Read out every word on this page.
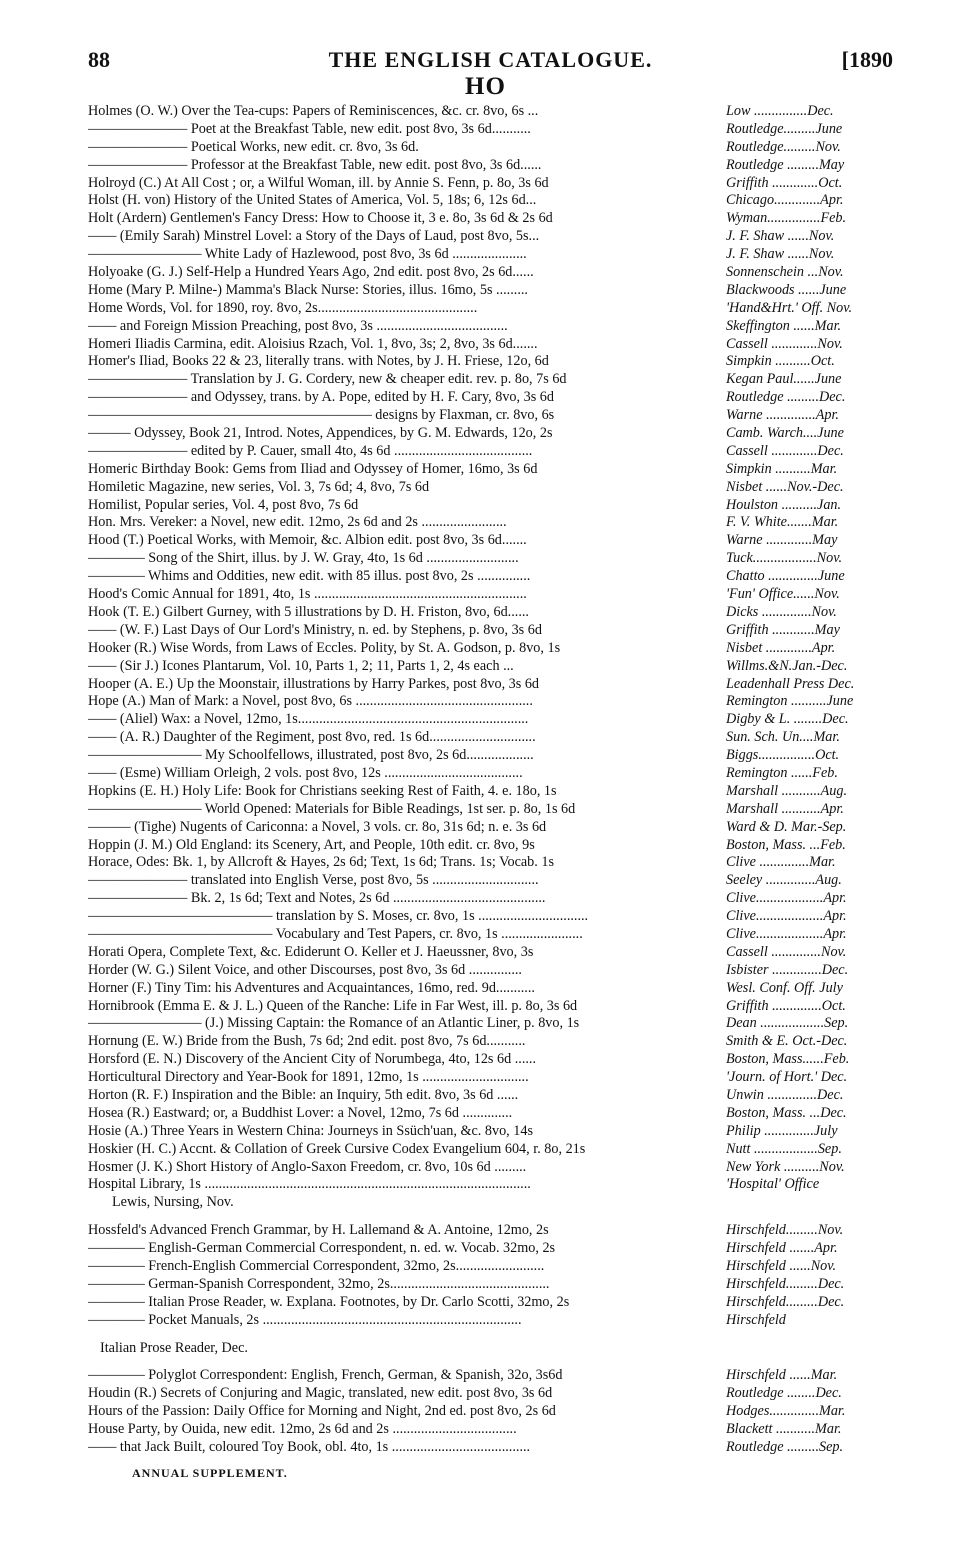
THE ENGLISH CATALOGUE.
88	[1890
HO
Holmes (O. W.) Over the Tea-cups: Papers of Reminiscences, &c. cr. 8vo, 6s ...	Low ...............Dec.
——————— Poet at the Breakfast Table, new edit. post 8vo, 3s 6d...........	Routledge.........June
——————— Poetical Works, new edit. cr. 8vo, 3s 6d.	Routledge.........Nov.
——————— Professor at the Breakfast Table, new edit. post 8vo, 3s 6d......	Routledge .........May
Holroyd (C.) At All Cost ; or, a Wilful Woman, ill. by Annie S. Fenn, p. 8o, 3s 6d	Griffith .............Oct.
Holst (H. von) History of the United States of America, Vol. 5, 18s; 6, 12s 6d...	Chicago.............Apr.
Holt (Ardern) Gentlemen's Fancy Dress: How to Choose it, 3 e. 8o, 3s 6d & 2s 6d	Wyman...............Feb.
—— (Emily Sarah) Minstrel Lovel: a Story of the Days of Laud, post 8vo, 5s...	J. F. Shaw ......Nov.
———————— White Lady of Hazlewood, post 8vo, 3s 6d .....................	J. F. Shaw ......Nov.
Holyoake (G. J.) Self-Help a Hundred Years Ago, 2nd edit. post 8vo, 2s 6d......	Sonnenschein ...Nov.
Home (Mary P. Milne-) Mamma's Black Nurse: Stories, illus. 16mo, 5s .........	Blackwoods ......June
Home Words, Vol. for 1890, roy. 8vo, 2s.............................................	'Hand&Hrt.' Off. Nov.
—— and Foreign Mission Preaching, post 8vo, 3s .....................................	Skeffington ......Mar.
Homeri Iliadis Carmina, edit. Aloisius Rzach, Vol. 1, 8vo, 3s; 2, 8vo, 3s 6d.......	Cassell .............Nov.
Homer's Iliad, Books 22 & 23, literally trans. with Notes, by J. H. Friese, 12o, 6d	Simpkin ..........Oct.
——————— Translation by J. G. Cordery, new & cheaper edit. rev. p. 8o, 7s 6d	Kegan Paul......June
——————— and Odyssey, trans. by A. Pope, edited by H. F. Cary, 8vo, 3s 6d	Routledge .........Dec.
———————————————————— designs by Flaxman, cr. 8vo, 6s	Warne ..............Apr.
——— Odyssey, Book 21, Introd. Notes, Appendices, by G. M. Edwards, 12o, 2s	Camb. Warch....June
——————— edited by P. Cauer, small 4to, 4s 6d .......................................	Cassell .............Dec.
Homeric Birthday Book: Gems from Iliad and Odyssey of Homer, 16mo, 3s 6d	Simpkin ..........Mar.
Homiletic Magazine, new series, Vol. 3, 7s 6d; 4, 8vo, 7s 6d	Nisbet ......Nov.-Dec.
Homilist, Popular series, Vol. 4, post 8vo, 7s 6d	Houlston ..........Jan.
Hon. Mrs. Vereker: a Novel, new edit. 12mo, 2s 6d and 2s ........................	F. V. White.......Mar.
Hood (T.) Poetical Works, with Memoir, &c. Albion edit. post 8vo, 3s 6d.......	Warne .............May
———— Song of the Shirt, illus. by J. W. Gray, 4to, 1s 6d ..........................	Tuck..................Nov.
———— Whims and Oddities, new edit. with 85 illus. post 8vo, 2s ...............	Chatto ..............June
Hood's Comic Annual for 1891, 4to, 1s ............................................................	'Fun' Office......Nov.
Hook (T. E.) Gilbert Gurney, with 5 illustrations by D. H. Friston, 8vo, 6d......	Dicks ..............Nov.
—— (W. F.) Last Days of Our Lord's Ministry, n. ed. by Stephens, p. 8vo, 3s 6d	Griffith ............May
Hooker (R.) Wise Words, from Laws of Eccles. Polity, by St. A. Godson, p. 8vo, 1s	Nisbet .............Apr.
—— (Sir J.) Icones Plantarum, Vol. 10, Parts 1, 2; 11, Parts 1, 2, 4s each ...	Willms.&N.Jan.-Dec.
Hooper (A. E.) Up the Moonstair, illustrations by Harry Parkes, post 8vo, 3s 6d	Leadenhall Press Dec.
Hope (A.) Man of Mark: a Novel, post 8vo, 6s ..................................................	Remington ..........June
—— (Aliel) Wax: a Novel, 12mo, 1s.................................................................	Digby & L. ........Dec.
—— (A. R.) Daughter of the Regiment, post 8vo, red. 1s 6d..............................	Sun. Sch. Un....Mar.
———————— My Schoolfellows, illustrated, post 8vo, 2s 6d...................	Biggs................Oct.
—— (Esme) William Orleigh, 2 vols. post 8vo, 12s .......................................	Remington ......Feb.
Hopkins (E. H.) Holy Life: Book for Christians seeking Rest of Faith, 4. e. 18o, 1s	Marshall ...........Aug.
———————— World Opened: Materials for Bible Readings, 1st ser. p. 8o, 1s 6d	Marshall ...........Apr.
——— (Tighe) Nugents of Cariconna: a Novel, 3 vols. cr. 8o, 31s 6d; n. e. 3s 6d	Ward & D. Mar.-Sep.
Hoppin (J. M.) Old England: its Scenery, Art, and People, 10th edit. cr. 8vo, 9s	Boston, Mass. ...Feb.
Horace, Odes: Bk. 1, by Allcroft & Hayes, 2s 6d; Text, 1s 6d; Trans. 1s; Vocab. 1s	Clive ..............Mar.
——————— translated into English Verse, post 8vo, 5s ..............................	Seeley ..............Aug.
——————— Bk. 2, 1s 6d; Text and Notes, 2s 6d ...........................................	Clive...................Apr.
————————————— translation by S. Moses, cr. 8vo, 1s ...............................	Clive...................Apr.
————————————— Vocabulary and Test Papers, cr. 8vo, 1s .......................	Clive...................Apr.
Horati Opera, Complete Text, &c. Ediderunt O. Keller et J. Haeussner, 8vo, 3s	Cassell ..............Nov.
Horder (W. G.) Silent Voice, and other Discourses, post 8vo, 3s 6d ...............	Isbister ..............Dec.
Horner (F.) Tiny Tim: his Adventures and Acquaintances, 16mo, red. 9d...........	Wesl. Conf. Off. July
Hornibrook (Emma E. & J. L.) Queen of the Ranche: Life in Far West, ill. p. 8o, 3s 6d	Griffith ..............Oct.
———————— (J.) Missing Captain: the Romance of an Atlantic Liner, p. 8vo, 1s	Dean ..................Sep.
Hornung (E. W.) Bride from the Bush, 7s 6d; 2nd edit. post 8vo, 7s 6d...........	Smith & E. Oct.-Dec.
Horsford (E. N.) Discovery of the Ancient City of Norumbega, 4to, 12s 6d ......	Boston, Mass......Feb.
Horticultural Directory and Year-Book for 1891, 12mo, 1s ..............................	'Journ. of Hort.' Dec.
Horton (R. F.) Inspiration and the Bible: an Inquiry, 5th edit. 8vo, 3s 6d ......	Unwin ..............Dec.
Hosea (R.) Eastward; or, a Buddhist Lover: a Novel, 12mo, 7s 6d ..............	Boston, Mass. ...Dec.
Hosie (A.) Three Years in Western China: Journeys in Ssüch'uan, &c. 8vo, 14s	Philip ..............July
Hoskier (H. C.) Accnt. & Collation of Greek Cursive Codex Evangelium 604, r. 8o, 21s	Nutt ..................Sep.
Hosmer (J. K.) Short History of Anglo-Saxon Freedom, cr. 8vo, 10s 6d .........	New York ..........Nov.
Hospital Library, 1s ............................................................................................	'Hospital' Office
Lewis, Nursing, Nov.
Hossfeld's Advanced French Grammar, by H. Lallemand & A. Antoine, 12mo, 2s	Hirschfeld.........Nov.
———— English-German Commercial Correspondent, n. ed. w. Vocab. 32mo, 2s	Hirschfeld .......Apr.
———— French-English Commercial Correspondent, 32mo, 2s.........................	Hirschfeld ......Nov.
———— German-Spanish Correspondent, 32mo, 2s.............................................	Hirschfeld.........Dec.
———— Italian Prose Reader, w. Explana. Footnotes, by Dr. Carlo Scotti, 32mo, 2s	Hirschfeld.........Dec.
———— Pocket Manuals, 2s .........................................................................	Hirschfeld
Italian Prose Reader, Dec.
———— Polyglot Correspondent: English, French, German, & Spanish, 32o, 3s6d	Hirschfeld ......Mar.
Houdin (R.) Secrets of Conjuring and Magic, translated, new edit. post 8vo, 3s 6d	Routledge ........Dec.
Hours of the Passion: Daily Office for Morning and Night, 2nd ed. post 8vo, 2s 6d	Hodges..............Mar.
House Party, by Ouida, new edit. 12mo, 2s 6d and 2s ...................................	Blackett ...........Mar.
—— that Jack Built, coloured Toy Book, obl. 4to, 1s .......................................	Routledge .........Sep.
ANNUAL SUPPLEMENT.
